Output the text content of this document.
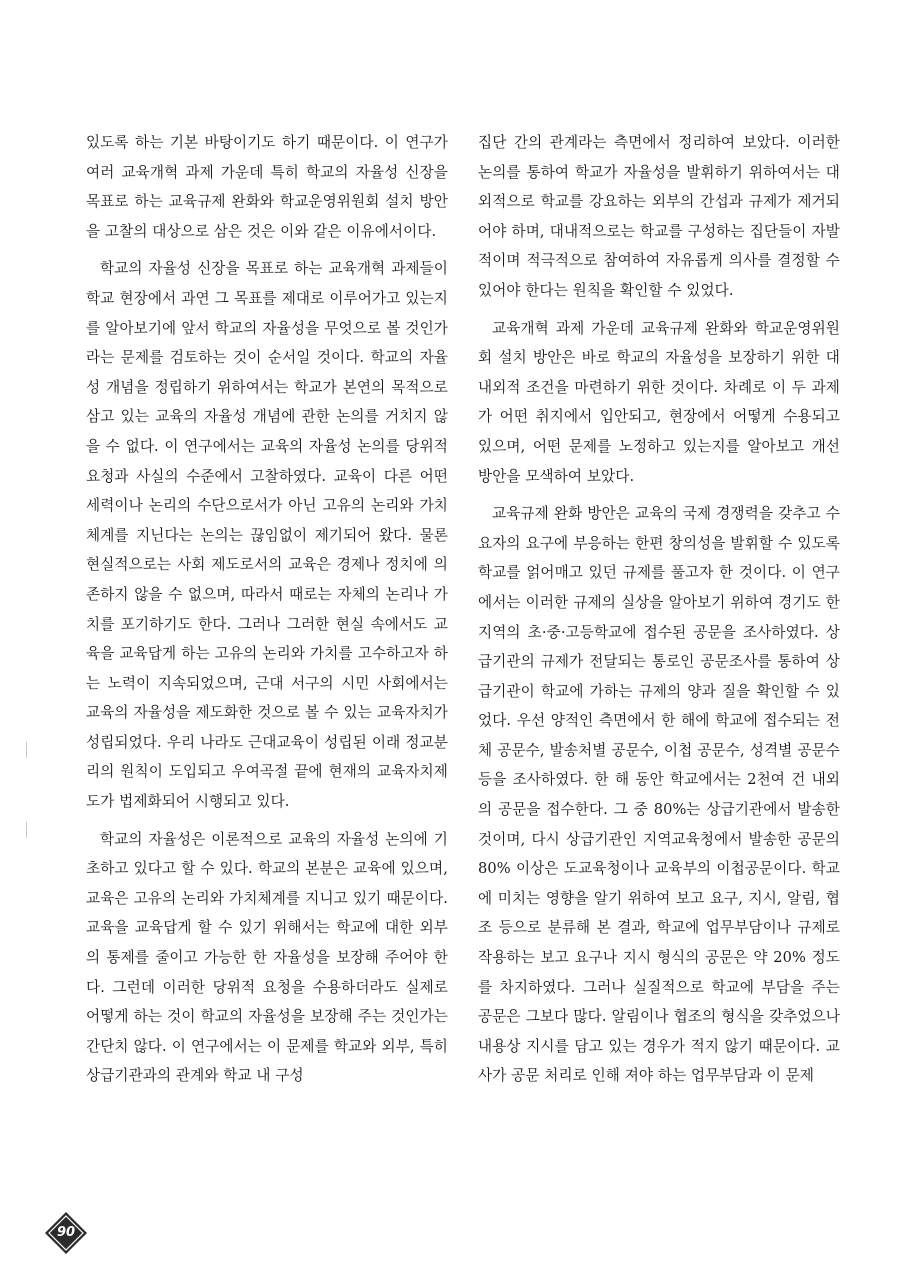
있도록 하는 기본 바탕이기도 하기 때문이다. 이 연구가 여러 교육개혁 과제 가운데 특히 학교의 자율성 신장을 목표로 하는 교육규제 완화와 학교운영위원회 설치 방안을 고찰의 대상으로 삼은 것은 이와 같은 이유에서이다.

학교의 자율성 신장을 목표로 하는 교육개혁 과제들이 학교 현장에서 과연 그 목표를 제대로 이루어가고 있는지를 알아보기에 앞서 학교의 자율성을 무엇으로 볼 것인가라는 문제를 검토하는 것이 순서일 것이다. 학교의 자율성 개념을 정립하기 위하여서는 학교가 본연의 목적으로 삼고 있는 교육의 자율성 개념에 관한 논의를 거치지 않을 수 없다. 이 연구에서는 교육의 자율성 논의를 당위적 요청과 사실의 수준에서 고찰하였다. 교육이 다른 어떤 세력이나 논리의 수단으로서가 아닌 고유의 논리와 가치체계를 지닌다는 논의는 끊임없이 제기되어 왔다. 물론 현실적으로는 사회 제도로서의 교육은 경제나 정치에 의존하지 않을 수 없으며, 따라서 때로는 자체의 논리나 가치를 포기하기도 한다. 그러나 그러한 현실 속에서도 교육을 교육답게 하는 고유의 논리와 가치를 고수하고자 하는 노력이 지속되었으며, 근대 서구의 시민 사회에서는 교육의 자율성을 제도화한 것으로 볼 수 있는 교육자치가 성립되었다. 우리 나라도 근대교육이 성립된 이래 정교분리의 원칙이 도입되고 우여곡절 끝에 현재의 교육자치제도가 법제화되어 시행되고 있다.

학교의 자율성은 이론적으로 교육의 자율성 논의에 기초하고 있다고 할 수 있다. 학교의 본분은 교육에 있으며, 교육은 고유의 논리와 가치체계를 지니고 있기 때문이다. 교육을 교육답게 할 수 있기 위해서는 학교에 대한 외부의 통제를 줄이고 가능한 한 자율성을 보장해 주어야 한다. 그런데 이러한 당위적 요청을 수용하더라도 실제로 어떻게 하는 것이 학교의 자율성을 보장해 주는 것인가는 간단치 않다. 이 연구에서는 이 문제를 학교와 외부, 특히 상급기관과의 관계와 학교 내 구성

집단 간의 관계라는 측면에서 정리하여 보았다. 이러한 논의를 통하여 학교가 자율성을 발휘하기 위하여서는 대외적으로 학교를 강요하는 외부의 간섭과 규제가 제거되어야 하며, 대내적으로는 학교를 구성하는 집단들이 자발적이며 적극적으로 참여하여 자유롭게 의사를 결정할 수 있어야 한다는 원칙을 확인할 수 있었다.

교육개혁 과제 가운데 교육규제 완화와 학교운영위원회 설치 방안은 바로 학교의 자율성을 보장하기 위한 대내외적 조건을 마련하기 위한 것이다. 차례로 이 두 과제가 어떤 취지에서 입안되고, 현장에서 어떻게 수용되고 있으며, 어떤 문제를 노정하고 있는지를 알아보고 개선 방안을 모색하여 보았다.

교육규제 완화 방안은 교육의 국제 경쟁력을 갖추고 수요자의 요구에 부응하는 한편 창의성을 발휘할 수 있도록 학교를 얽어매고 있던 규제를 풀고자 한 것이다. 이 연구에서는 이러한 규제의 실상을 알아보기 위하여 경기도 한 지역의 초·중·고등학교에 접수된 공문을 조사하였다. 상급기관의 규제가 전달되는 통로인 공문조사를 통하여 상급기관이 학교에 가하는 규제의 양과 질을 확인할 수 있었다. 우선 양적인 측면에서 한 해에 학교에 접수되는 전체 공문수, 발송처별 공문수, 이첩 공문수, 성격별 공문수 등을 조사하였다. 한 해 동안 학교에서는 2천여 건 내외의 공문을 접수한다. 그 중 80%는 상급기관에서 발송한 것이며, 다시 상급기관인 지역교육청에서 발송한 공문의 80% 이상은 도교육청이나 교육부의 이첩공문이다. 학교에 미치는 영향을 알기 위하여 보고 요구, 지시, 알림, 협조 등으로 분류해 본 결과, 학교에 업무부담이나 규제로 작용하는 보고 요구나 지시 형식의 공문은 약 20% 정도를 차지하였다. 그러나 실질적으로 학교에 부담을 주는 공문은 그보다 많다. 알림이나 협조의 형식을 갖추었으나 내용상 지시를 담고 있는 경우가 적지 않기 때문이다. 교사가 공문 처리로 인해 져야 하는 업무부담과 이 문제

90
